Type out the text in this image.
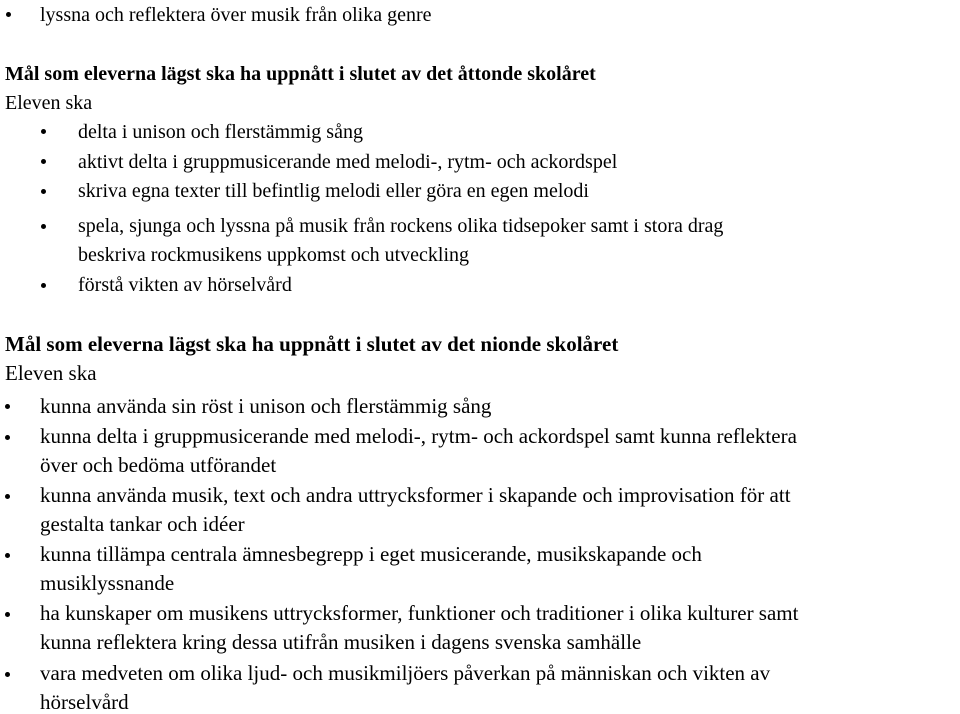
lyssna och reflektera över musik från olika genre
Mål som eleverna lägst ska ha uppnått i slutet av det åttonde skolåret
Eleven ska
delta i unison och flerstämmig sång
aktivt delta i gruppmusicerande med melodi-, rytm- och ackordspel
skriva egna texter till befintlig melodi eller göra en egen melodi
spela, sjunga och lyssna på musik från rockens olika tidsepoker samt i stora drag
beskriva rockmusikens uppkomst och utveckling
förstå vikten av hörselvård
Mål som eleverna lägst ska ha uppnått i slutet av det nionde skolåret
Eleven ska
kunna använda sin röst i unison och flerstämmig sång
kunna delta i gruppmusicerande med melodi-, rytm- och ackordspel samt kunna reflektera
över och bedöma utförandet
kunna använda musik, text och andra uttrycksformer i skapande och improvisation för att
gestalta tankar och idéer
kunna tillämpa centrala ämnesbegrepp i eget musicerande, musikskapande och
musiklyssnande
ha kunskaper om musikens uttrycksformer, funktioner och traditioner i olika kulturer samt
kunna reflektera kring dessa utifrån musiken i dagens svenska samhälle
vara medveten om olika ljud- och musikmiljöers påverkan på människan och vikten av
hörselvård
